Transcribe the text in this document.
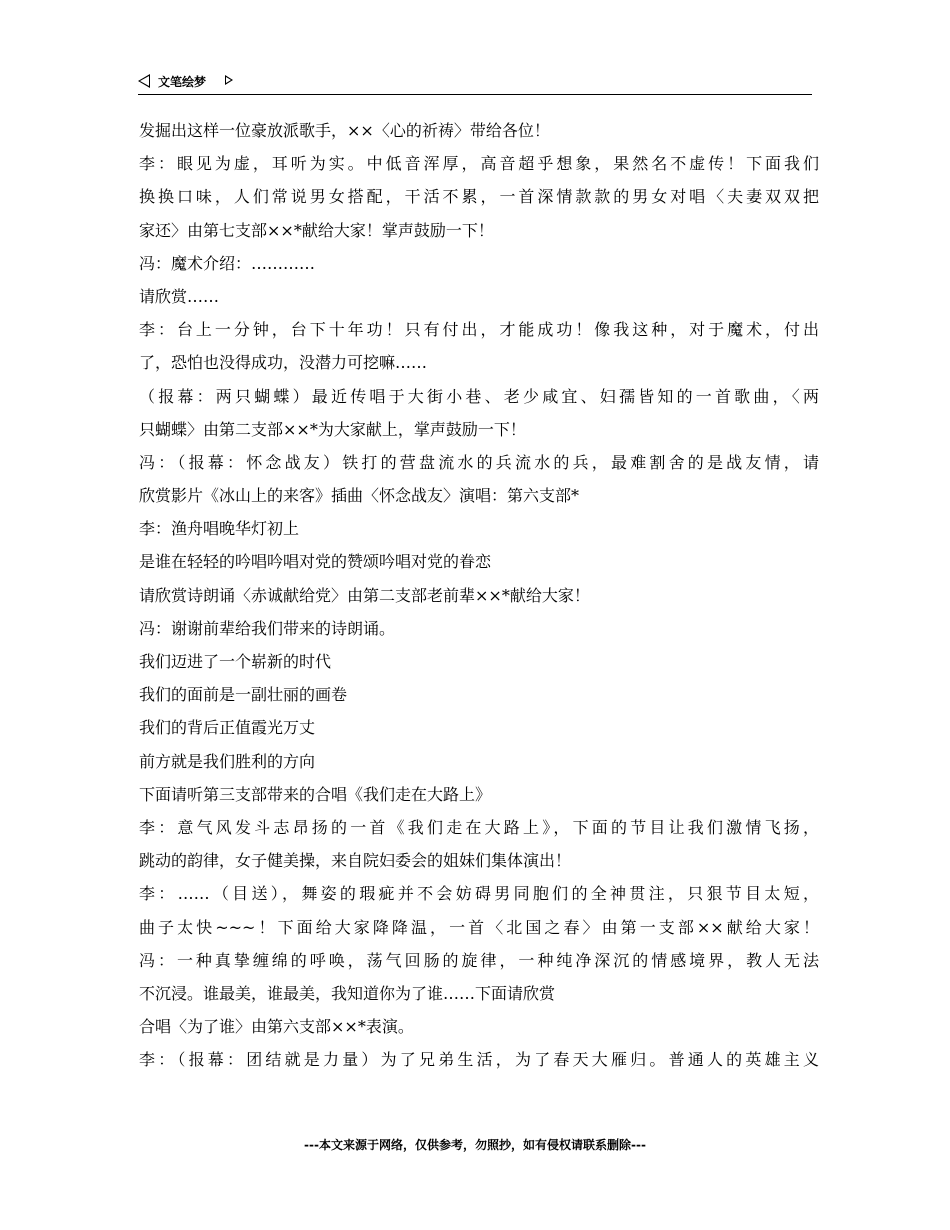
文笔绘梦
发掘出这样一位豪放派歌手，××〈心的祈祷〉带给各位！
李：眼见为虚，耳听为实。中低音浑厚，高音超乎想象，果然名不虚传！下面我们
换换口味，人们常说男女搭配，干活不累，一首深情款款的男女对唱〈夫妻双双把
家还〉由第七支部××*献给大家！掌声鼓励一下！
冯：魔术介绍：…………
请欣赏……
李：台上一分钟，台下十年功！只有付出，才能成功！像我这种，对于魔术，付出
了，恐怕也没得成功，没潜力可挖嘛……
（报幕：两只蝴蝶）最近传唱于大街小巷、老少咸宜、妇孺皆知的一首歌曲，〈两
只蝴蝶〉由第二支部××*为大家献上，掌声鼓励一下！
冯：（报幕：怀念战友）铁打的营盘流水的兵流水的兵，最难割舍的是战友情，请
欣赏影片《冰山上的来客》插曲〈怀念战友〉演唱：第六支部*
李：渔舟唱晚华灯初上
是谁在轻轻的吟唱吟唱对党的赞颂吟唱对党的眷恋
请欣赏诗朗诵〈赤诚献给党〉由第二支部老前辈××*献给大家！
冯：谢谢前辈给我们带来的诗朗诵。
我们迈进了一个崭新的时代
我们的面前是一副壮丽的画卷
我们的背后正值霞光万丈
前方就是我们胜利的方向
下面请听第三支部带来的合唱《我们走在大路上》
李：意气风发斗志昂扬的一首《我们走在大路上》，下面的节目让我们激情飞扬，
跳动的韵律，女子健美操，来自院妇委会的姐妹们集体演出！
李：……（目送），舞姿的瑕疵并不会妨碍男同胞们的全神贯注，只狠节目太短，
曲子太快~~~！下面给大家降降温，一首〈北国之春〉由第一支部××献给大家！
冯：一种真挚缠绵的呼唤，荡气回肠的旋律，一种纯净深沉的情感境界，教人无法
不沉浸。谁最美，谁最美，我知道你为了谁……下面请欣赏
合唱〈为了谁〉由第六支部××*表演。
李：（报幕：团结就是力量）为了兄弟生活，为了春天大雁归。普通人的英雄主义
---本文来源于网络，仅供参考，勿照抄，如有侵权请联系删除---
